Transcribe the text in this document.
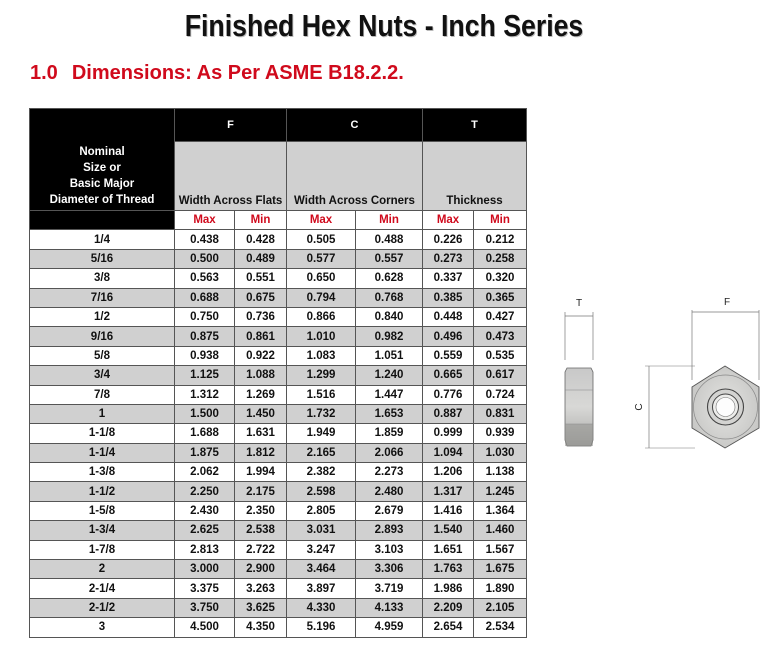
Finished Hex Nuts - Inch Series
1.0 Dimensions: As Per ASME B18.2.2.
Nominal
Size or
Basic Major
Diameter of Thread	F		C		T	
	Width Across Flats		Width Across Corners		Thickness	
	Max	Min	Max	Min	Max	Min
1/4	0.438	0.428	0.505	0.488	0.226	0.212
5/16	0.500	0.489	0.577	0.557	0.273	0.258
3/8	0.563	0.551	0.650	0.628	0.337	0.320
7/16	0.688	0.675	0.794	0.768	0.385	0.365
1/2	0.750	0.736	0.866	0.840	0.448	0.427
9/16	0.875	0.861	1.010	0.982	0.496	0.473
5/8	0.938	0.922	1.083	1.051	0.559	0.535
3/4	1.125	1.088	1.299	1.240	0.665	0.617
7/8	1.312	1.269	1.516	1.447	0.776	0.724
1	1.500	1.450	1.732	1.653	0.887	0.831
1-1/8	1.688	1.631	1.949	1.859	0.999	0.939
1-1/4	1.875	1.812	2.165	2.066	1.094	1.030
1-3/8	2.062	1.994	2.382	2.273	1.206	1.138
1-1/2	2.250	2.175	2.598	2.480	1.317	1.245
1-5/8	2.430	2.350	2.805	2.679	1.416	1.364
1-3/4	2.625	2.538	3.031	2.893	1.540	1.460
1-7/8	2.813	2.722	3.247	3.103	1.651	1.567
2	3.000	2.900	3.464	3.306	1.763	1.675
2-1/4	3.375	3.263	3.897	3.719	1.986	1.890
2-1/2	3.750	3.625	4.330	4.133	2.209	2.105
3	4.500	4.350	5.196	4.959	2.654	2.534
T
C
F
